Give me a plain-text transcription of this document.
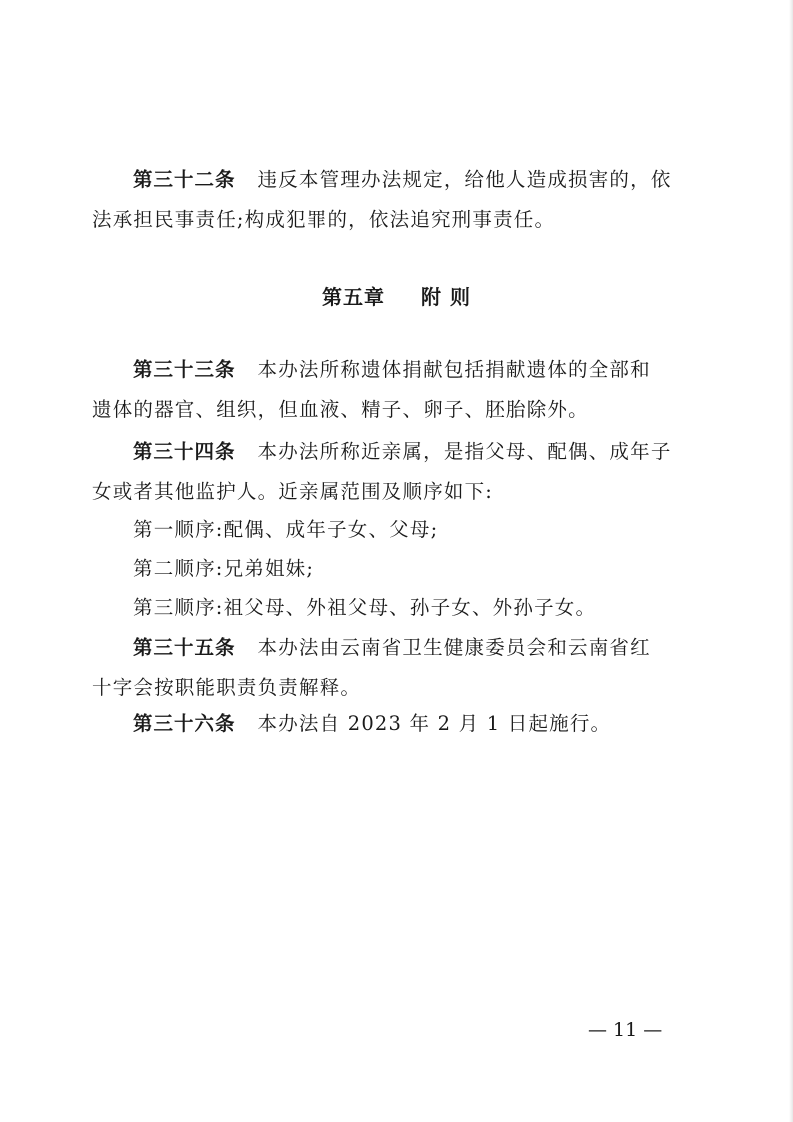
第三十二条 违反本管理办法规定，给他人造成损害的，依
法承担民事责任;构成犯罪的，依法追究刑事责任。
第五章 附 则
第三十三条 本办法所称遗体捐献包括捐献遗体的全部和
遗体的器官、组织，但血液、精子、卵子、胚胎除外。
第三十四条 本办法所称近亲属，是指父母、配偶、成年子
女或者其他监护人。近亲属范围及顺序如下:
第一顺序:配偶、成年子女、父母;
第二顺序:兄弟姐妹;
第三顺序:祖父母、外祖父母、孙子女、外孙子女。
第三十五条 本办法由云南省卫生健康委员会和云南省红
十字会按职能职责负责解释。
第三十六条 本办法自 2023 年 2 月 1 日起施行。
— 11 —
